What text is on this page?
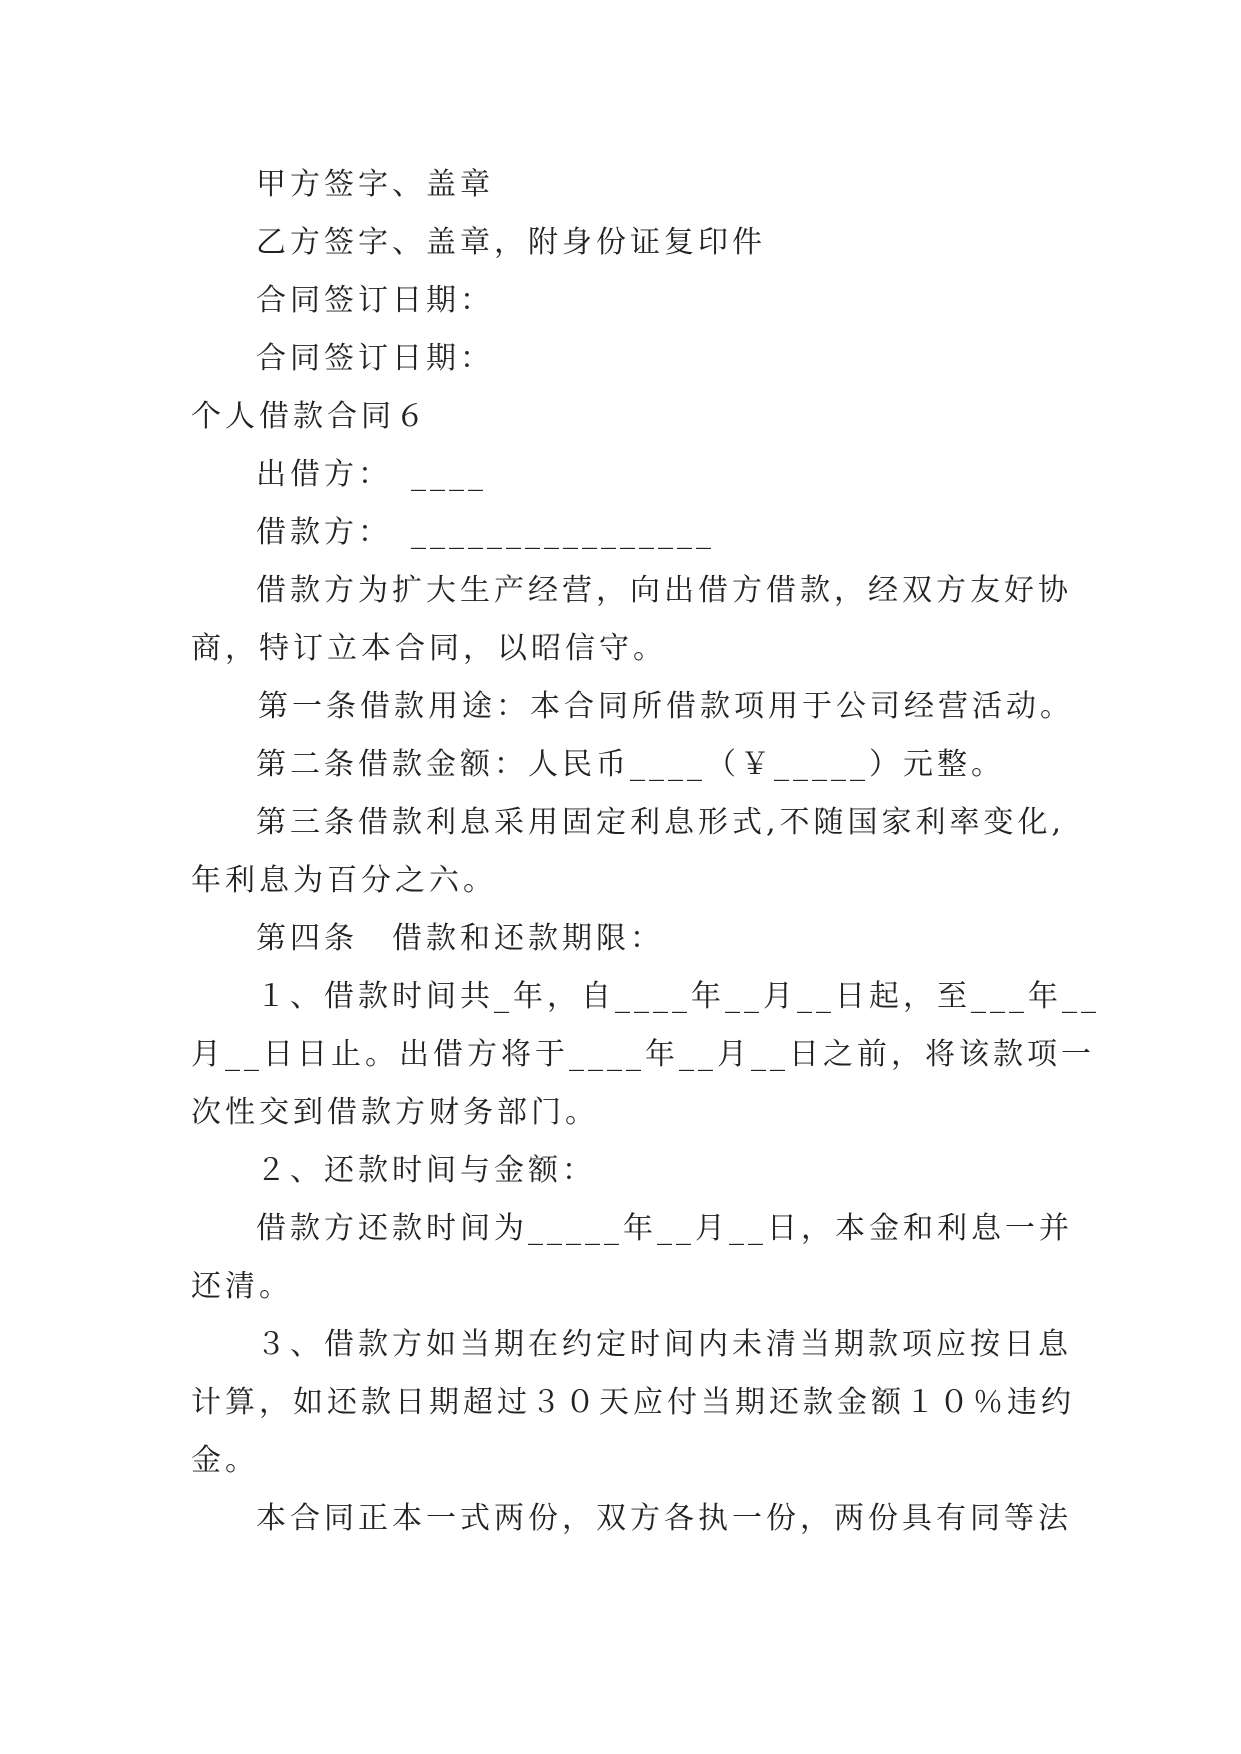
甲方签字、盖章
乙方签字、盖章，附身份证复印件
合同签订日期：
合同签订日期：
个人借款合同６
出借方：　____
借款方：　________________
借款方为扩大生产经营，向出借方借款，经双方友好协
商，特订立本合同，以昭信守。
第一条借款用途：本合同所借款项用于公司经营活动。
第二条借款金额：人民币____（￥_____）元整。
第三条借款利息采用固定利息形式,不随国家利率变化,
年利息为百分之六。
第四条　借款和还款期限：
１、借款时间共_年，自____年__月__日起，至___年__
月__日日止。出借方将于____年__月__日之前，将该款项一
次性交到借款方财务部门。
２、还款时间与金额：
借款方还款时间为_____年__月__日，本金和利息一并
还清。
３、借款方如当期在约定时间内未清当期款项应按日息
计算，如还款日期超过３０天应付当期还款金额１０％违约
金。
本合同正本一式两份，双方各执一份，两份具有同等法
